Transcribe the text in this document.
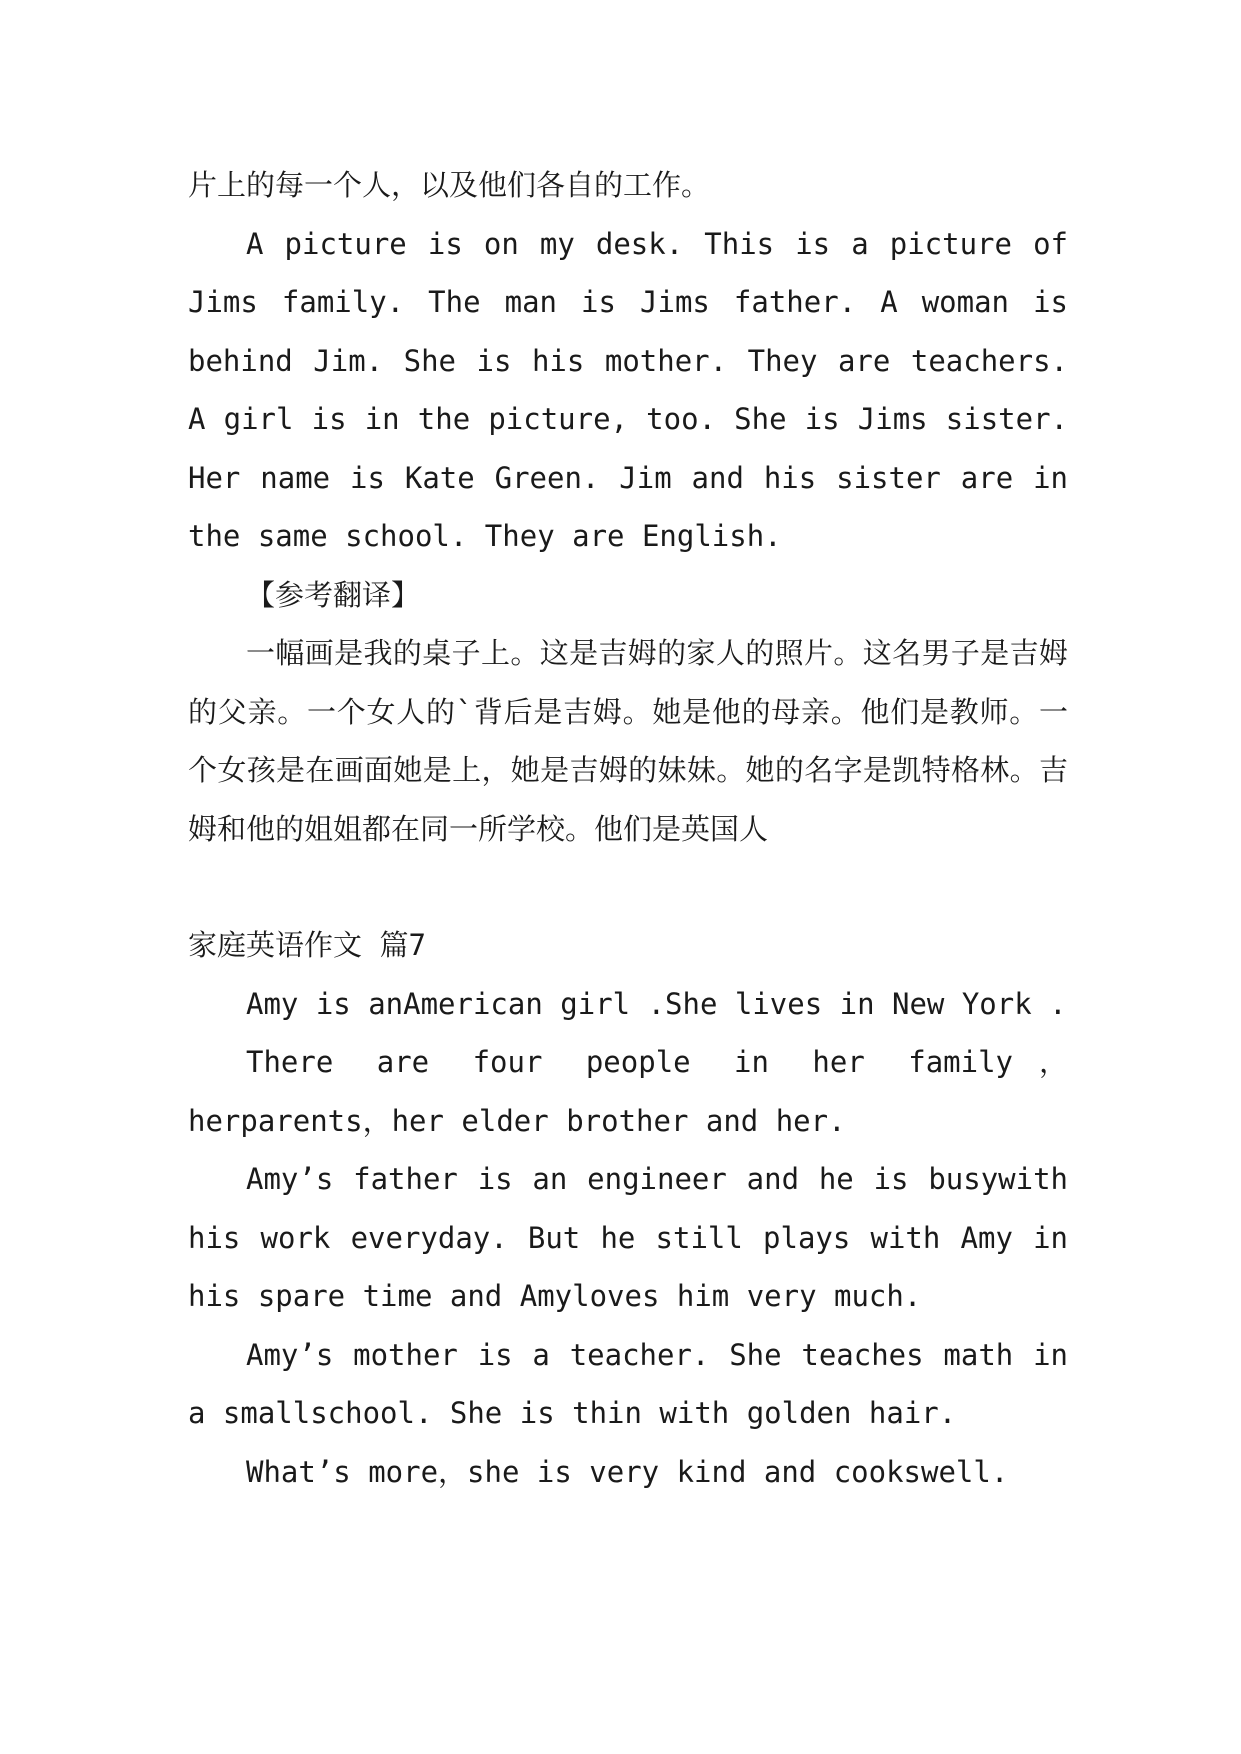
片上的每一个人，以及他们各自的工作。

A picture is on my desk. This is a picture of Jims family. The man is Jims father. A woman is behind Jim. She is his mother. They are teachers. A girl is in the picture, too. She is Jims sister. Her name is Kate Green. Jim and his sister are in the same school. They are English.

【参考翻译】

一幅画是我的桌子上。这是吉姆的家人的照片。这名男子是吉姆的父亲。一个女人的`背后是吉姆。她是他的母亲。他们是教师。一个女孩是在画面她是上，她是吉姆的妹妹。她的名字是凯特格林。吉姆和他的姐姐都在同一所学校。他们是英国人

家庭英语作文 篇7

Amy is anAmerican girl .She lives in New York .

There are four people in her family，herparents，her elder brother and her.

Amy’s father is an engineer and he is busywith his work everyday. But he still plays with Amy in his spare time and Amyloves him very much.

Amy’s mother is a teacher. She teaches math in a smallschool. She is thin with golden hair.

What’s more，she is very kind and cookswell.
